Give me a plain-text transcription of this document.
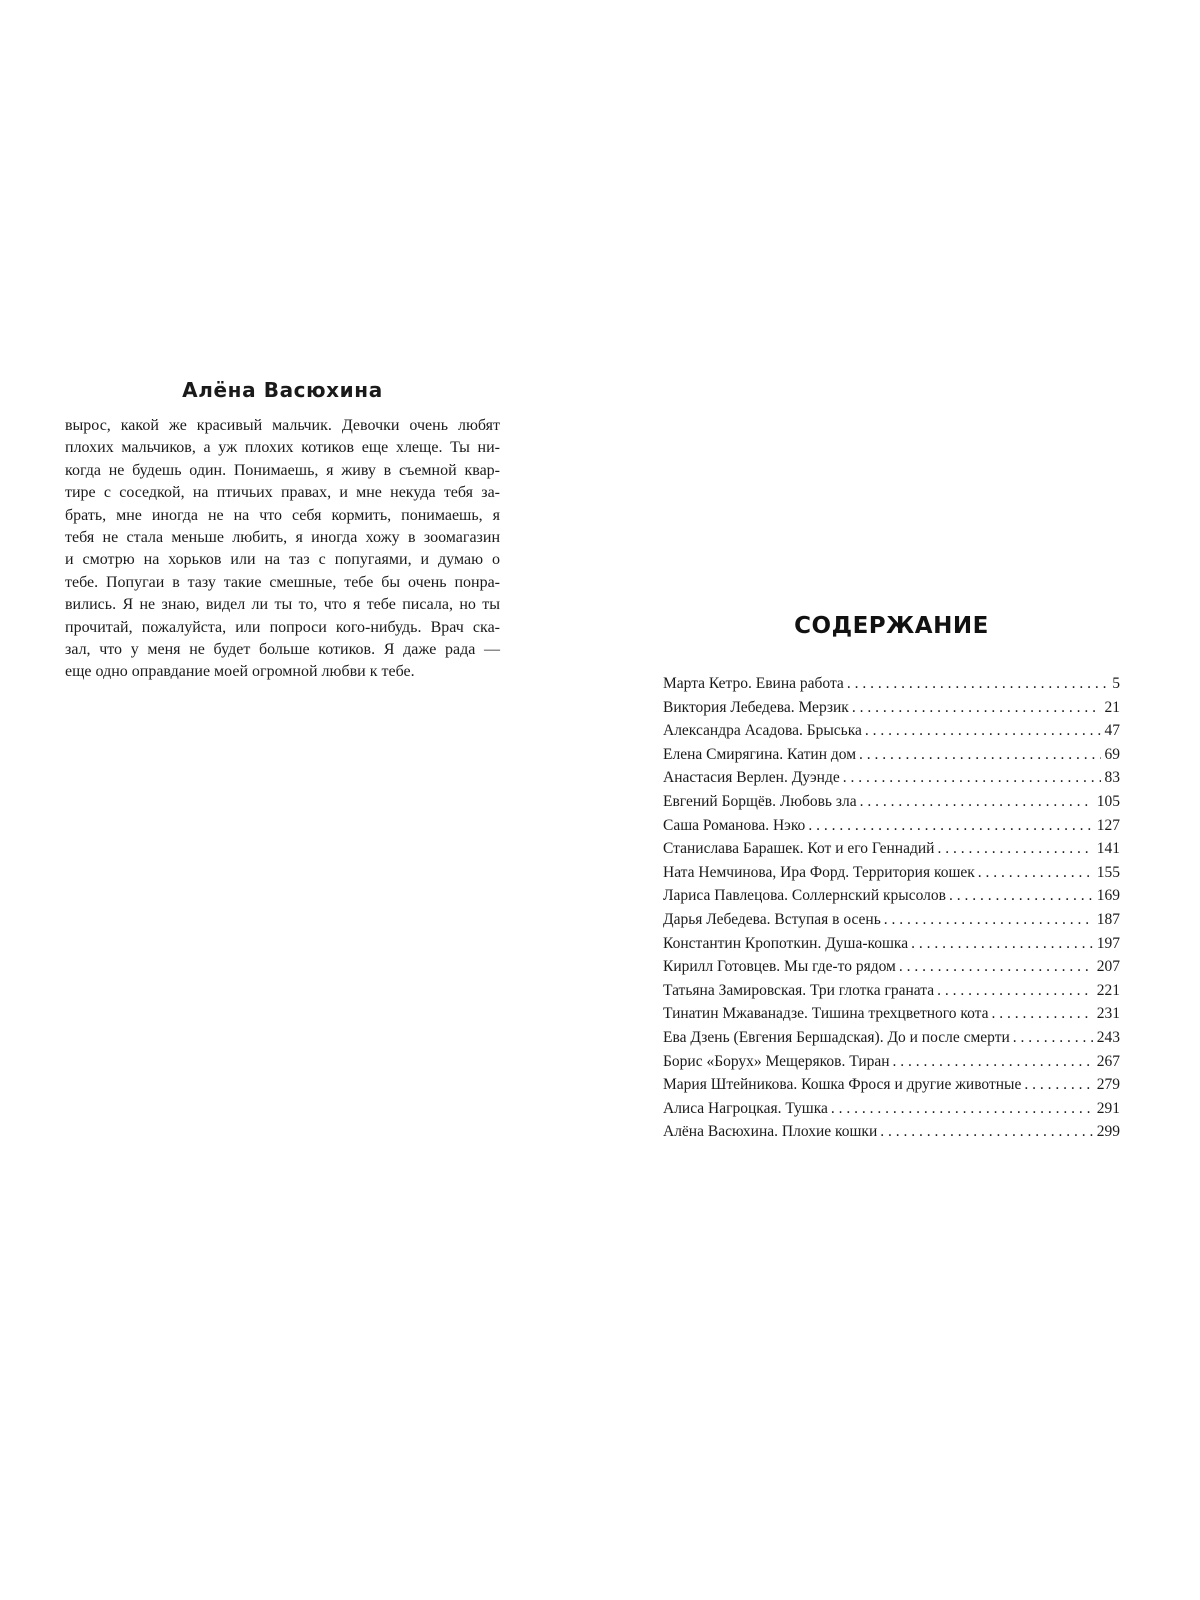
Алёна Васюхина
вырос, какой же красивый мальчик. Девочки очень любят
плохих мальчиков, а уж плохих котиков еще хлеще. Ты ни-
когда не будешь один. Понимаешь, я живу в съемной квар-
тире с соседкой, на птичьих правах, и мне некуда тебя за-
брать, мне иногда не на что себя кормить, понимаешь, я
тебя не стала меньше любить, я иногда хожу в зоомагазин
и смотрю на хорьков или на таз с попугаями, и думаю о
тебе. Попугаи в тазу такие смешные, тебе бы очень понра-
вились. Я не знаю, видел ли ты то, что я тебе писала, но ты
прочитай, пожалуйста, или попроси кого-нибудь. Врач ска-
зал, что у меня не будет больше котиков. Я даже рада —
еще одно оправдание моей огромной любви к тебе.
СОДЕРЖАНИЕ
Марта Кетро. Евина работа . . .	5
Виктория Лебедева. Мерзик . . .	21
Александра Асадова. Брыська . . .	47
Елена Смирягина. Катин дом . . .	69
Анастасия Верлен. Дуэнде . . .	83
Евгений Борщёв. Любовь зла . . .	105
Саша Романова. Нэко . . .	127
Станислава Барашек. Кот и его Геннадий . . .	141
Ната Немчинова, Ира Форд. Территория кошек . . .	155
Лариса Павлецова. Соллернский крысолов . . .	169
Дарья Лебедева. Вступая в осень . . .	187
Константин Кропоткин. Душа-кошка . . .	197
Кирилл Готовцев. Мы где-то рядом . . .	207
Татьяна Замировская. Три глотка граната . . .	221
Тинатин Мжаванадзе. Тишина трехцветного кота . . .	231
Ева Дзень (Евгения Бершадская). До и после смерти . . .	243
Борис «Борух» Мещеряков. Тиран . . .	267
Мария Штейникова. Кошка Фрося и другие животные . . .	279
Алиса Нагроцкая. Тушка . . .	291
Алёна Васюхина. Плохие кошки . . .	299
